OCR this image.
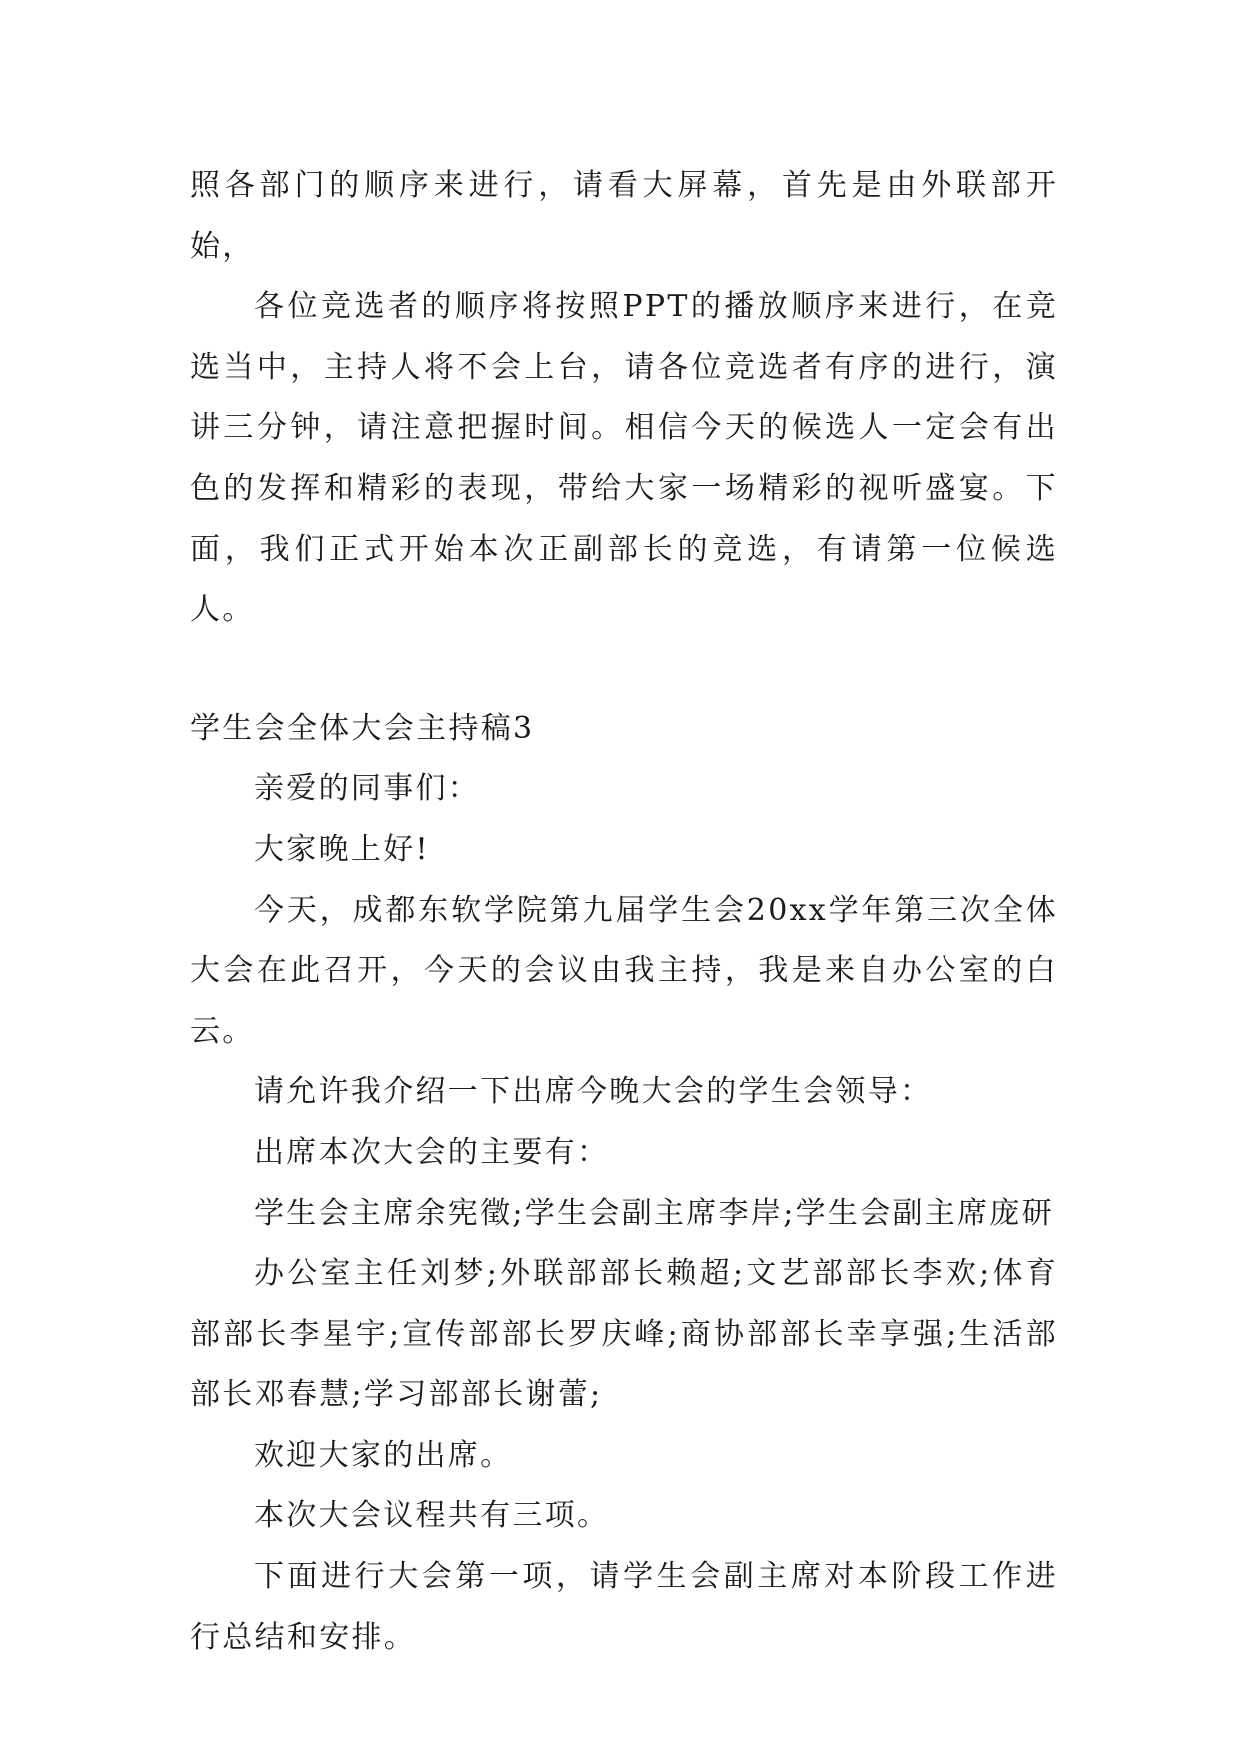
照各部门的顺序来进行，请看大屏幕，首先是由外联部开始，

各位竞选者的顺序将按照PPT的播放顺序来进行，在竞选当中，主持人将不会上台，请各位竞选者有序的进行，演讲三分钟，请注意把握时间。相信今天的候选人一定会有出色的发挥和精彩的表现，带给大家一场精彩的视听盛宴。下面，我们正式开始本次正副部长的竞选，有请第一位候选人。

学生会全体大会主持稿3

亲爱的同事们：

大家晚上好!

今天，成都东软学院第九届学生会20xx学年第三次全体大会在此召开，今天的会议由我主持，我是来自办公室的白云。

请允许我介绍一下出席今晚大会的学生会领导：

出席本次大会的主要有：

学生会主席余宪徵;学生会副主席李岸;学生会副主席庞研

办公室主任刘梦;外联部部长赖超;文艺部部长李欢;体育部部长李星宇;宣传部部长罗庆峰;商协部部长幸享强;生活部部长邓春慧;学习部部长谢蕾;

欢迎大家的出席。

本次大会议程共有三项。

下面进行大会第一项，请学生会副主席对本阶段工作进行总结和安排。
